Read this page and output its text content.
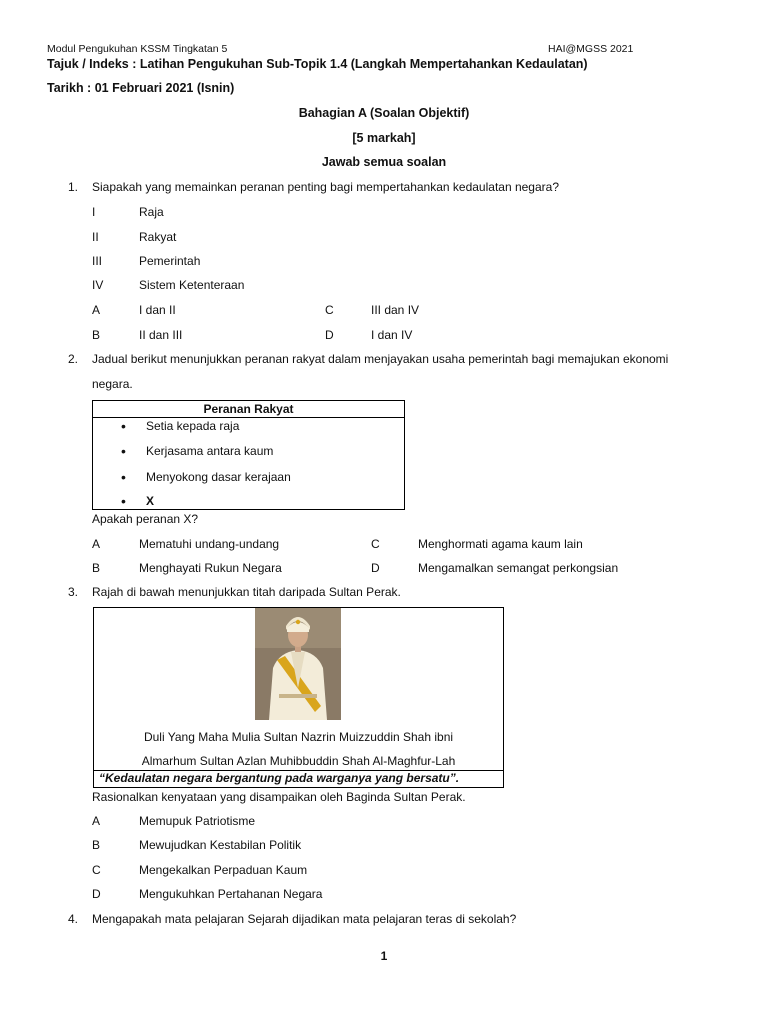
Modul Pengukuhan KSSM Tingkatan 5	HAI@MGSS 2021
Tajuk / Indeks : Latihan Pengukuhan Sub-Topik 1.4 (Langkah Mempertahankan Kedaulatan)
Tarikh : 01 Februari 2021 (Isnin)
Bahagian A (Soalan Objektif)
[5 markah]
Jawab semua soalan
1. Siapakah yang memainkan peranan penting bagi mempertahankan kedaulatan negara?
I	Raja
II	Rakyat
III	Pemerintah
IV	Sistem Ketenteraan
A	I dan II
B	II dan III
C	III dan IV
D	I dan IV
2. Jadual berikut menunjukkan peranan rakyat dalam menjayakan usaha pemerintah bagi memajukan ekonomi
negara.
Peranan Rakyat
• Setia kepada raja
• Kerjasama antara kaum
• Menyokong dasar kerajaan
• X
Apakah peranan X?
A	Mematuhi undang-undang
B	Menghayati Rukun Negara
C	Menghormati agama kaum lain
D	Mengamalkan semangat perkongsian
3. Rajah di bawah menunjukkan titah daripada Sultan Perak.
Duli Yang Maha Mulia Sultan Nazrin Muizzuddin Shah ibni
Almarhum Sultan Azlan Muhibbuddin Shah Al-Maghfur-Lah
“Kedaulatan negara bergantung pada warganya yang bersatu”.
Rasionalkan kenyataan yang disampaikan oleh Baginda Sultan Perak.
A	Memupuk Patriotisme
B	Mewujudkan Kestabilan Politik
C	Mengekalkan Perpaduan Kaum
D	Mengukuhkan Pertahanan Negara
4. Mengapakah mata pelajaran Sejarah dijadikan mata pelajaran teras di sekolah?
1
